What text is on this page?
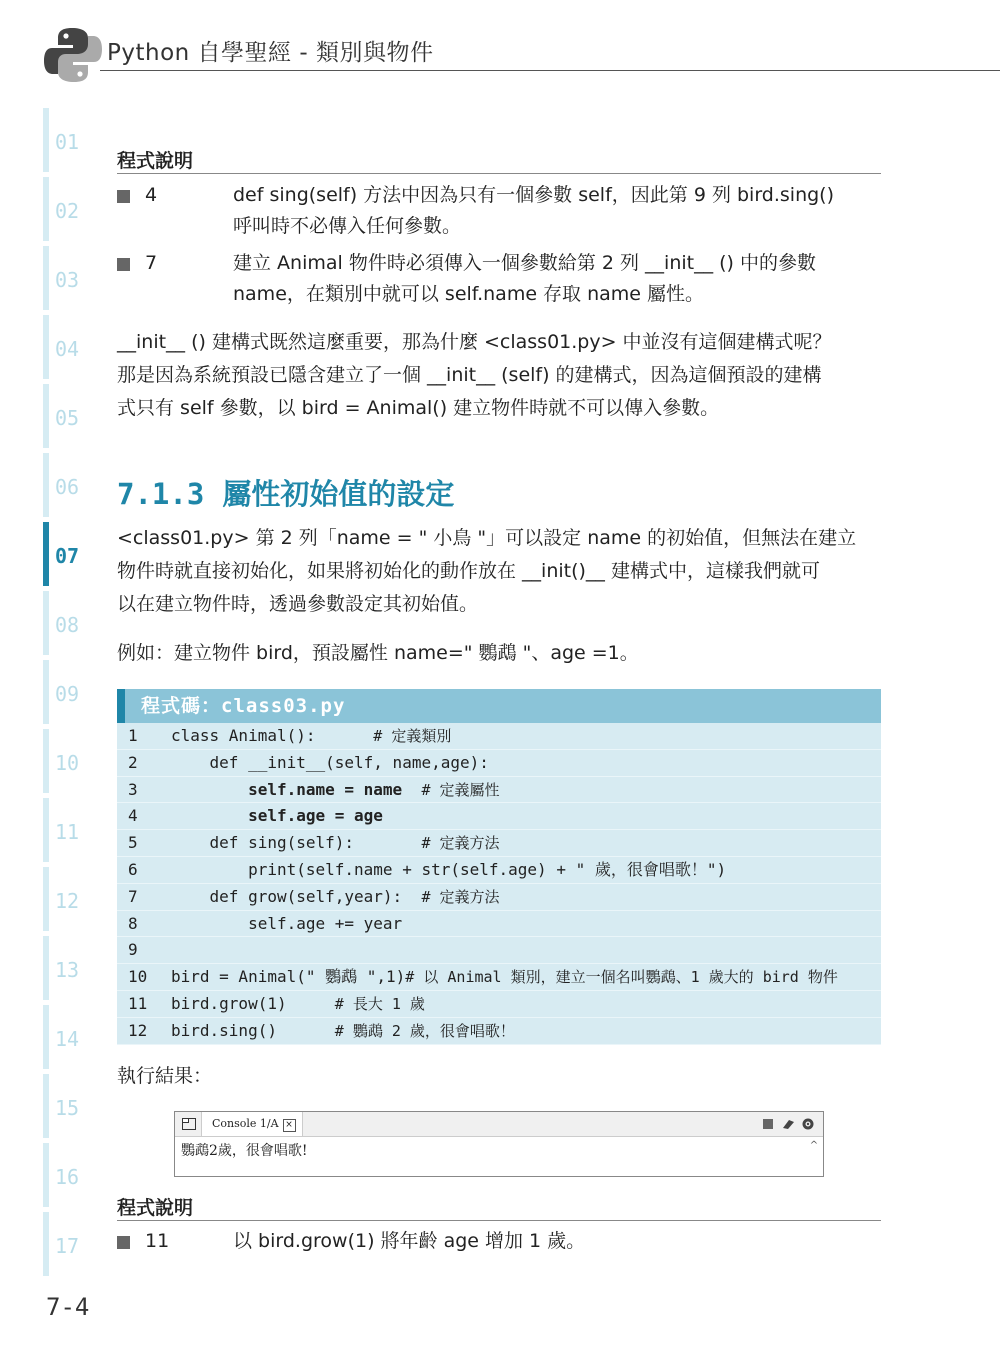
Python 自學聖經 - 類別與物件
01
02
03
04
05
06
07
08
09
10
11
12
13
14
15
16
17
程式說明
4	def sing(self) 方法中因為只有一個參數 self，因此第 9 列 bird.sing()
呼叫時不必傳入任何參數。
7	建立 Animal 物件時必須傳入一個參數給第 2 列 __init__ () 中的參數
name，在類別中就可以 self.name 存取 name 屬性。
__init__ () 建構式既然這麼重要，那為什麼 <class01.py> 中並沒有這個建構式呢？
那是因為系統預設已隱含建立了一個 __init__ (self) 的建構式，因為這個預設的建構
式只有 self 參數，以 bird = Animal() 建立物件時就不可以傳入參數。
7.1.3 屬性初始值的設定
<class01.py> 第 2 列「name = " 小鳥 "」可以設定 name 的初始值，但無法在建立
物件時就直接初始化，如果將初始化的動作放在 __init()__ 建構式中，這樣我們就可
以在建立物件時，透過參數設定其初始值。
例如：建立物件 bird，預設屬性 name=" 鸚鵡 "、age =1。
程式碼：class03.py
1 class Animal():      # 定義類別
2 def __init__(self, name,age):
3 self.name = name  # 定義屬性
4 self.age = age
5 def sing(self):       # 定義方法
6 print(self.name + str(self.age) + " 歲，很會唱歌！")
7 def grow(self,year):  # 定義方法
8 self.age += year
9
10 bird = Animal(" 鸚鵡 ",1)# 以 Animal 類別，建立一個名叫鸚鵡、1 歲大的 bird 物件
11 bird.grow(1)     # 長大 1 歲
12 bird.sing()      # 鸚鵡 2 歲，很會唱歌！
執行結果：
Console 1/A ×
鸚鵡2歲，很會唱歌!	^
程式說明
11	以 bird.grow(1) 將年齡 age 增加 1 歲。
7-4
